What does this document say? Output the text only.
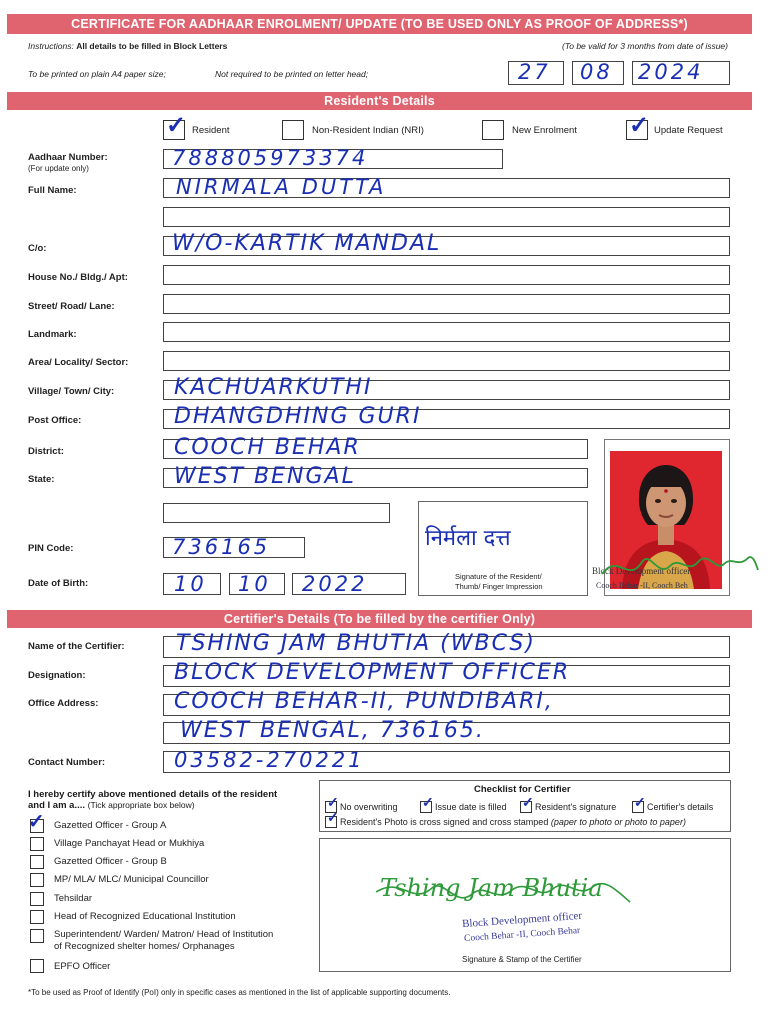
CERTIFICATE FOR AADHAAR ENROLMENT/ UPDATE (TO BE USED ONLY AS PROOF OF ADDRESS*)
Instructions: All details to be filled in Block Letters	(To be valid for 3 months from date of issue)
To be printed on plain A4 paper size;	Not required to be printed on letter head;	27 08 2024
Resident's Details
✓ Resident	Non-Resident Indian (NRI)	New Enrolment ✓ Update Request
Aadhaar Number:
(For update only)	788805973374
Full Name:	NIRMALA DUTTA
C/o:	W/O-KARTIK MANDAL
House No./ Bldg./ Apt:
Street/ Road/ Lane:
Landmark:
Area/ Locality/ Sector:
Village/ Town/ City:	KACHUARKUTHI
Post Office:	DHANGDHING GURI
District:	COOCH BEHAR
State:	WEST BENGAL
निर्मला दत्त
Signature of the Resident/
Thumb/ Finger Impression
Block Development officer
Cooch Behar -II, Cooch Beh
PIN Code:	736165
Date of Birth:	10 10 2022
Certifier's Details (To be filled by the certifier Only)
Name of the Certifier: TSHING JAM BHUTIA (WBCS)
Designation:	BLOCK DEVELOPMENT OFFICER
Office Address:	COOCH BEHAR-II, PUNDIBARI,
WEST BENGAL, 736165.
Contact Number:	03582-270221
I hereby certify above mentioned details of the resident
and I am a.... (Tick appropriate box below)
✓ Gazetted Officer - Group A
Village Panchayat Head or Mukhiya
Gazetted Officer - Group B
MP/ MLA/ MLC/ Municipal Councillor
Tehsildar
Head of Recognized Educational Institution
Superintendent/ Warden/ Matron/ Head of Institution
of Recognized shelter homes/ Orphanages
EPFO Officer
Checklist for Certifier
✓ No overwriting ✓ Issue date is filled ✓ Resident's signature ✓ Certifier's details
✓ Resident's Photo is cross signed and cross stamped (paper to photo or photo to paper)
Tshing Jam Bhutia
Block Development officer
Cooch Behar -II, Cooch Behar
Signature & Stamp of the Certifier
*To be used as Proof of Identify (PoI) only in specific cases as mentioned in the list of applicable supporting documents.
